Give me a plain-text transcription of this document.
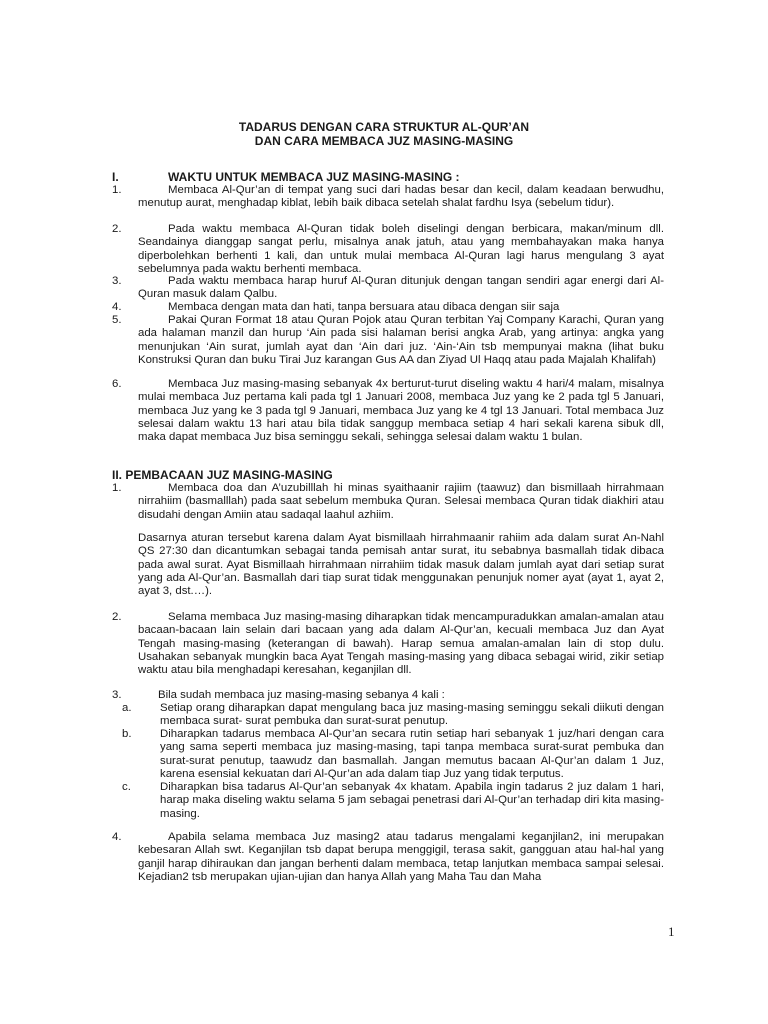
TADARUS DENGAN CARA STRUKTUR AL-QUR’AN
DAN CARA MEMBACA JUZ MASING-MASING
I.	WAKTU UNTUK MEMBACA JUZ MASING-MASING :
1.	Membaca Al-Qur’an di tempat yang suci dari hadas besar dan kecil, dalam keadaan berwudhu, menutup aurat, menghadap kiblat, lebih baik dibaca setelah shalat fardhu Isya (sebelum tidur).
2.	Pada waktu membaca Al-Quran tidak boleh diselingi dengan berbicara, makan/minum dll. Seandainya dianggap sangat perlu, misalnya anak jatuh, atau yang membahayakan maka hanya diperbolehkan berhenti 1 kali, dan untuk mulai membaca Al-Quran lagi harus mengulang 3 ayat sebelumnya pada waktu berhenti membaca.
3.	Pada waktu membaca harap huruf Al-Quran ditunjuk dengan tangan sendiri agar energi dari Al-Quran masuk dalam Qalbu.
4.	Membaca dengan mata dan hati, tanpa bersuara atau dibaca dengan siir saja
5.	Pakai Quran Format 18 atau Quran Pojok atau Quran terbitan Yaj Company Karachi, Quran yang ada halaman manzil dan hurup ‘Ain pada sisi halaman berisi angka Arab, yang artinya: angka yang menunjukan ‘Ain surat, jumlah ayat dan ‘Ain dari juz. ‘Ain-‘Ain tsb mempunyai makna (lihat buku Konstruksi Quran dan buku Tirai Juz karangan Gus AA dan Ziyad Ul Haqq atau pada Majalah Khalifah)
6.	Membaca Juz masing-masing sebanyak 4x berturut-turut diseling waktu 4 hari/4 malam, misalnya mulai membaca Juz pertama kali pada tgl 1 Januari 2008, membaca Juz yang ke 2 pada tgl 5 Januari, membaca Juz yang ke 3 pada tgl 9 Januari, membaca Juz yang ke 4 tgl 13 Januari. Total membaca Juz selesai dalam waktu 13 hari atau bila tidak sanggup membaca setiap 4 hari sekali karena sibuk dll, maka dapat membaca Juz bisa seminggu sekali, sehingga selesai dalam waktu 1 bulan.
II. PEMBACAAN JUZ MASING-MASING
1.	Membaca doa dan A’uzubilllah hi minas syaithaanir rajiim (taawuz) dan bismillaah hirrahmaan nirrahiim (basmalllah) pada saat sebelum membuka Quran. Selesai membaca Quran tidak diakhiri atau disudahi dengan Amiin atau sadaqal laahul azhiim.
Dasarnya aturan tersebut karena dalam Ayat bismillaah hirrahmaanir rahiim ada dalam surat An-Nahl QS 27:30 dan dicantumkan sebagai tanda pemisah antar surat, itu sebabnya basmallah tidak dibaca pada awal surat. Ayat Bismillaah hirrahmaan nirrahiim tidak masuk dalam jumlah ayat dari setiap surat yang ada Al-Qur’an. Basmallah dari tiap surat tidak menggunakan penunjuk nomer ayat (ayat 1, ayat 2, ayat 3, dst.…).
2.	Selama membaca Juz masing-masing diharapkan tidak mencampuradukkan amalan-amalan atau bacaan-bacaan lain selain dari bacaan yang ada dalam Al-Qur’an, kecuali membaca Juz dan Ayat Tengah masing-masing (keterangan di bawah). Harap semua amalan-amalan lain di stop dulu. Usahakan sebanyak mungkin baca Ayat Tengah masing-masing yang dibaca sebagai wirid, zikir setiap waktu atau bila menghadapi keresahan, keganjilan dll.
3.	Bila sudah membaca juz masing-masing sebanya 4 kali :
a.	Setiap orang diharapkan dapat mengulang baca juz masing-masing seminggu sekali diikuti dengan membaca surat- surat pembuka dan surat-surat penutup.
b.	Diharapkan tadarus membaca Al-Qur’an secara rutin setiap hari sebanyak 1 juz/hari dengan cara yang sama seperti membaca juz masing-masing, tapi tanpa membaca surat-surat pembuka dan surat-surat penutup, taawudz dan basmallah. Jangan memutus bacaan Al-Qur’an dalam 1 Juz, karena esensial kekuatan dari Al-Qur’an ada dalam tiap Juz yang tidak terputus.
c.	Diharapkan bisa tadarus Al-Qur’an sebanyak 4x khatam. Apabila ingin tadarus 2 juz dalam 1 hari, harap maka diseling waktu selama 5 jam sebagai penetrasi dari Al-Qur’an terhadap diri kita masing-masing.
4.	Apabila selama membaca Juz masing2 atau tadarus mengalami keganjilan2, ini merupakan kebesaran Allah swt. Keganjilan tsb dapat berupa menggigil, terasa sakit, gangguan atau hal-hal yang ganjil harap dihiraukan dan jangan berhenti dalam membaca, tetap lanjutkan membaca sampai selesai. Kejadian2 tsb merupakan ujian-ujian dan hanya Allah yang Maha Tau dan Maha
1
